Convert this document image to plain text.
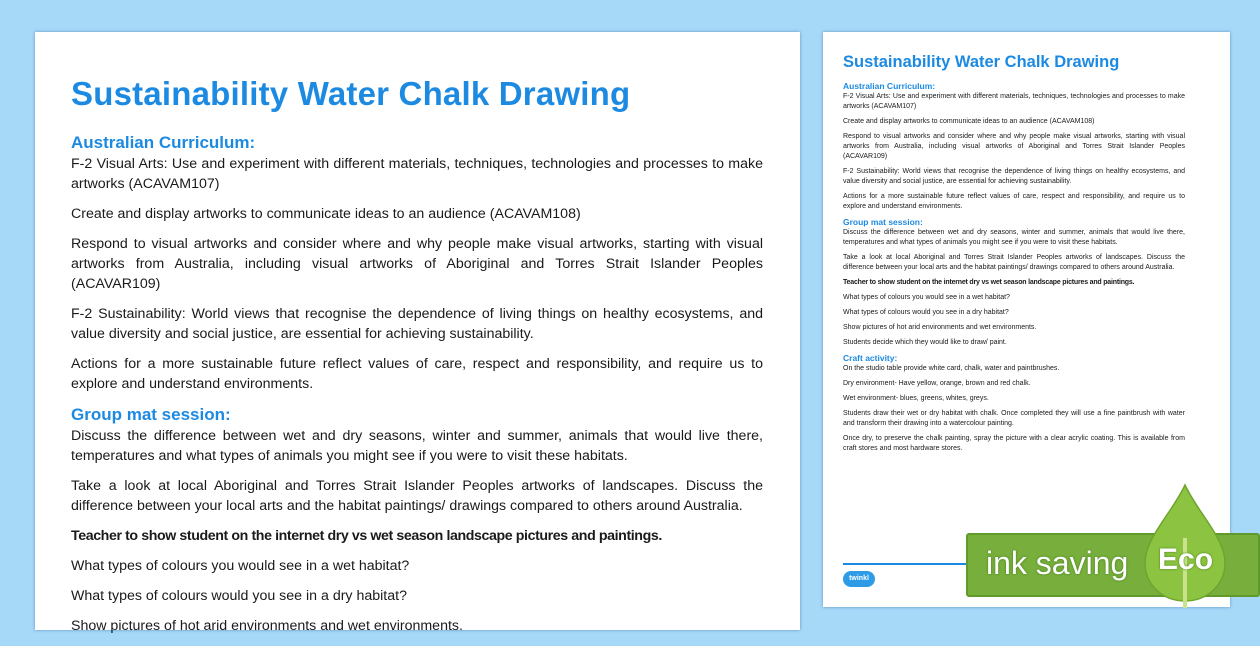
Sustainability Water Chalk Drawing
Australian Curriculum:

F-2 Visual Arts: Use and experiment with different materials, techniques, technologies and processes to make artworks (ACAVAM107)

Create and display artworks to communicate ideas to an audience (ACAVAM108)

Respond to visual artworks and consider where and why people make visual artworks, starting with visual artworks from Australia, including visual artworks of Aboriginal and Torres Strait Islander Peoples (ACAVAR109)

F-2 Sustainability: World views that recognise the dependence of living things on healthy ecosystems, and value diversity and social justice, are essential for achieving sustainability.

Actions for a more sustainable future reflect values of care, respect and responsibility, and require us to explore and understand environments.

Group mat session:

Discuss the difference between wet and dry seasons, winter and summer, animals that would live there, temperatures and what types of animals you might see if you were to visit these habitats.

Take a look at local Aboriginal and Torres Strait Islander Peoples artworks of landscapes. Discuss the difference between your local arts and the habitat paintings/ drawings compared to others around Australia.

Teacher to show student on the internet dry vs wet season landscape pictures and paintings.

What types of colours you would see in a wet habitat?

What types of colours would you see in a dry habitat?

Show pictures of hot arid environments and wet environments.

twinkl
Sustainability Water Chalk Drawing
Australian Curriculum:

F-2 Visual Arts: Use and experiment with different materials, techniques, technologies and processes to make artworks (ACAVAM107)

Create and display artworks to communicate ideas to an audience (ACAVAM108)

Respond to visual artworks and consider where and why people make visual artworks, starting with visual artworks from Australia, including visual artworks of Aboriginal and Torres Strait Islander Peoples (ACAVAR109)

F-2 Sustainability: World views that recognise the dependence of living things on healthy ecosystems, and value diversity and social justice, are essential for achieving sustainability.

Actions for a more sustainable future reflect values of care, respect and responsibility, and require us to explore and understand environments.

Group mat session:

Discuss the difference between wet and dry seasons, winter and summer, animals that would live there, temperatures and what types of animals you might see if you were to visit these habitats.

Take a look at local Aboriginal and Torres Strait Islander Peoples artworks of landscapes. Discuss the difference between your local arts and the habitat paintings/ drawings compared to others around Australia.

Teacher to show student on the internet dry vs wet season landscape pictures and paintings.

What types of colours you would see in a wet habitat?

What types of colours would you see in a dry habitat?

Show pictures of hot arid environments and wet environments.

Students decide which they would like to draw/ paint.

Craft activity:

On the studio table provide white card, chalk, water and paintbrushes.

Dry environment- Have yellow, orange, brown and red chalk.

Wet environment- blues, greens, whites, greys.

Students draw their wet or dry habitat with chalk. Once completed they will use a fine paintbrush with water and transform their drawing into a watercolour painting.

Once dry, to preserve the chalk painting, spray the picture with a clear acrylic coating. This is available from craft stores and most hardware stores.

ink saving Eco
